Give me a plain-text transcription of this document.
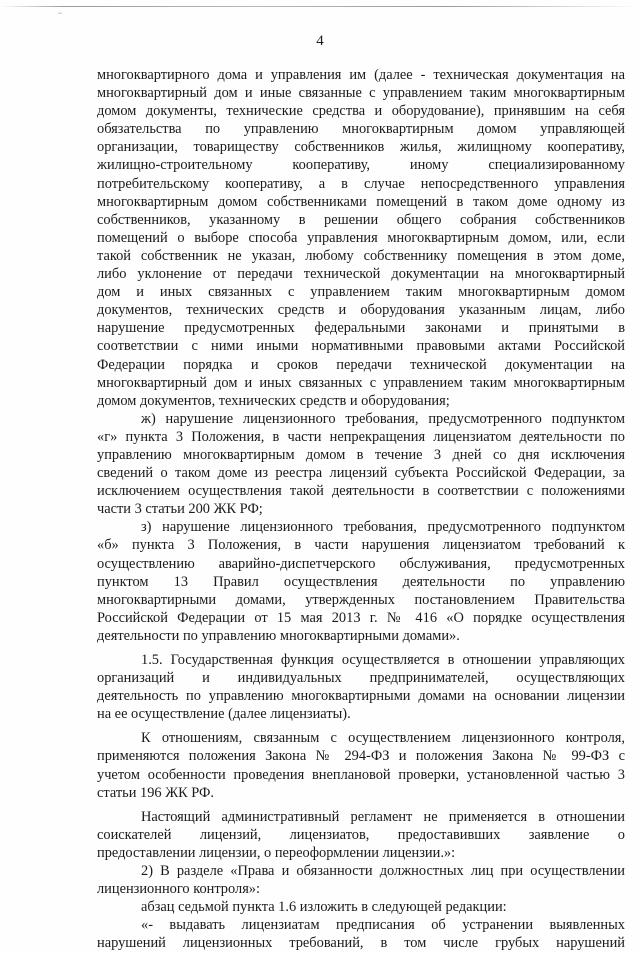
~
4

многоквартирного дома и управления им (далее - техническая документация на

многоквартирный дом и иные связанные с управлением таким многоквартирным

домом документы, технические средства и оборудование), принявшим на себя

обязательства по управлению многоквартирным домом управляющей

организации, товариществу собственников жилья, жилищному кооперативу,

жилищно-строительному кооперативу, иному специализированному

потребительскому кооперативу, а в случае непосредственного управления

многоквартирным домом собственниками помещений в таком доме одному из

собственников, указанному в решении общего собрания собственников

помещений о выборе способа управления многоквартирным домом, или, если

такой собственник не указан, любому собственнику помещения в этом доме,

либо уклонение от передачи технической документации на многоквартирный

дом и иных связанных с управлением таким многоквартирным домом

документов, технических средств и оборудования указанным лицам, либо

нарушение предусмотренных федеральными законами и принятыми в

соответствии с ними иными нормативными правовыми актами Российской

Федерации порядка и сроков передачи технической документации на

многоквартирный дом и иных связанных с управлением таким многоквартирным

домом документов, технических средств и оборудования;

ж) нарушение лицензионного требования, предусмотренного подпунктом

«г» пункта 3 Положения, в части непрекращения лицензиатом деятельности по

управлению многоквартирным домом в течение 3 дней со дня исключения

сведений о таком доме из реестра лицензий субъекта Российской Федерации, за

исключением осуществления такой деятельности в соответствии с положениями

части 3 статьи 200 ЖК РФ;

з) нарушение лицензионного требования, предусмотренного подпунктом

«б» пункта 3 Положения, в части нарушения лицензиатом требований к

осуществлению аварийно-диспетчерского обслуживания, предусмотренных

пунктом 13 Правил осуществления деятельности по управлению

многоквартирными домами, утвержденных постановлением Правительства

Российской Федерации от 15 мая 2013 г. № 416 «О порядке осуществления

деятельности по управлению многоквартирными домами».

1.5. Государственная функция осуществляется в отношении управляющих

организаций и индивидуальных предпринимателей, осуществляющих

деятельность по управлению многоквартирными домами на основании лицензии

на ее осуществление (далее лицензиаты).

К отношениям, связанным с осуществлением лицензионного контроля,

применяются положения Закона № 294-ФЗ и положения Закона № 99-ФЗ с

учетом особенности проведения внеплановой проверки, установленной частью 3

статьи 196 ЖК РФ.

Настоящий административный регламент не применяется в отношении

соискателей лицензий, лицензиатов, предоставивших заявление о

предоставлении лицензии, о переоформлении лицензии.»:

2) В разделе «Права и обязанности должностных лиц при осуществлении

лицензионного контроля»:

абзац седьмой пункта 1.6 изложить в следующей редакции:

«- выдавать лицензиатам предписания об устранении выявленных

нарушений лицензионных требований, в том числе грубых нарушений
